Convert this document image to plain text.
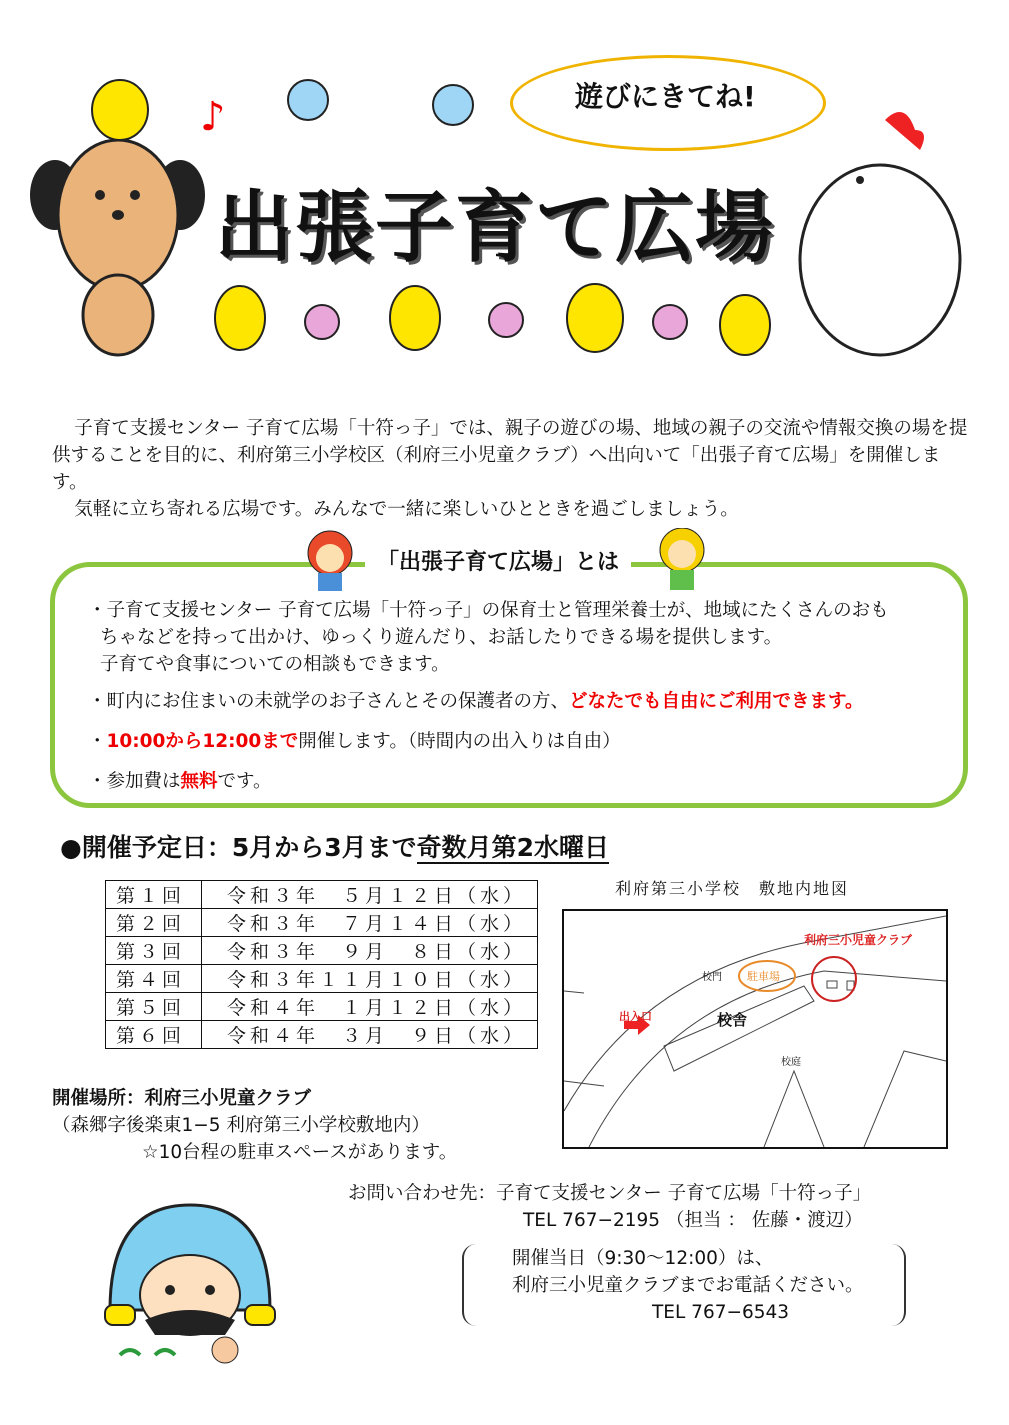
♪	遊びにきてね!
出張子育て広場

子育て支援センター 子育て広場「十符っ子」では、親子の遊びの場、地域の親子の交流や情報交換の場を提供することを目的に、利府第三小学校区（利府三小児童クラブ）へ出向いて「出張子育て広場」を開催します。

気軽に立ち寄れる広場です。みんなで一緒に楽しいひとときを過ごしましょう。

「出張子育て広場」とは

・子育て支援センター 子育て広場「十符っ子」の保育士と管理栄養士が、地域にたくさんのおも

ちゃなどを持って出かけ、ゆっくり遊んだり、お話したりできる場を提供します。

子育てや食事についての相談もできます。

・町内にお住まいの未就学のお子さんとその保護者の方、どなたでも自由にご利用できます。

・10:00から12:00まで開催します。（時間内の出入りは自由）

・参加費は無料です。

●開催予定日：5月から3月まで奇数月第2水曜日
第１回	令和３年　５月１２日（水）
第２回	令和３年　７月１４日（水）
第３回	令和３年　９月　８日（水）
第４回	令和３年１１月１０日（水）
第５回	令和４年　１月１２日（水）
第６回	令和４年　３月　９日（水）
利府第三小学校　敷地内地図
利府三小児童クラブ
校門 駐車場
出入口	校舎
校庭
開催場所：利府三小児童クラブ
（森郷字後楽東1−5 利府第三小学校敷地内）
☆10台程の駐車スペースがあります。
お問い合わせ先：子育て支援センター 子育て広場「十符っ子」
TEL 767−2195 （担当 ： 佐藤・渡辺）
開催当日（9:30〜12:00）は、
利府三小児童クラブまでお電話ください。
TEL 767−6543
